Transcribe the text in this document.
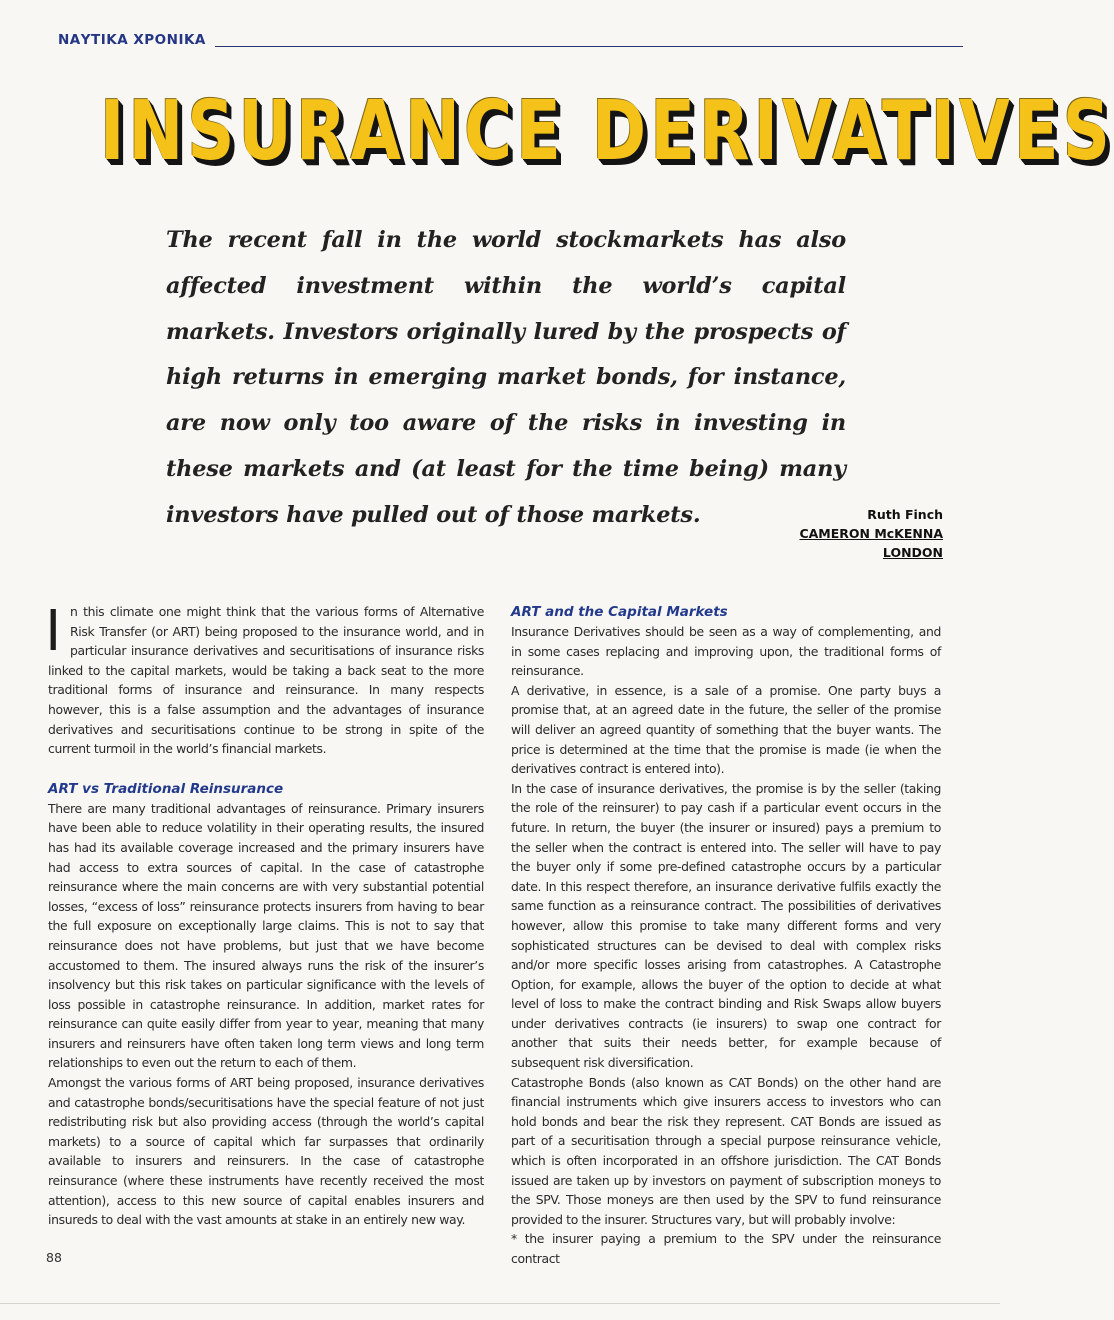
ΝΑΥΤΙΚΑ ΧΡΟΝΙΚΑ
INSURANCE DERIVATIVES
The recent fall in the world stockmarkets has also affected investment within the world’s capital markets. Investors originally lured by the prospects of high returns in emerging market bonds, for instance, are now only too aware of the risks in investing in these markets and (at least for the time being) many investors have pulled out of those markets.	Ruth Finch
CAMERON McKENNA
LONDON

In this climate one might think that the various forms of Alternative Risk Transfer (or ART) being proposed to the insurance world, and in particular insurance derivatives and securitisations of insurance risks linked to the capital markets, would be taking a back seat to the more traditional forms of insurance and reinsurance. In many respects however, this is a false assumption and the advantages of insurance derivatives and securitisations continue to be strong in spite of the current turmoil in the world’s financial markets.

ART vs Traditional Reinsurance

There are many traditional advantages of reinsurance. Primary insurers have been able to reduce volatility in their operating results, the insured has had its available coverage increased and the primary insurers have had access to extra sources of capital. In the case of catastrophe reinsurance where the main concerns are with very substantial potential losses, “excess of loss” reinsurance protects insurers from having to bear the full exposure on exceptionally large claims. This is not to say that reinsurance does not have problems, but just that we have become accustomed to them. The insured always runs the risk of the insurer’s insolvency but this risk takes on particular significance with the levels of loss possible in catastrophe reinsurance. In addition, market rates for reinsurance can quite easily differ from year to year, meaning that many insurers and reinsurers have often taken long term views and long term relationships to even out the return to each of them.

Amongst the various forms of ART being proposed, insurance derivatives and catastrophe bonds/securitisations have the special feature of not just redistributing risk but also providing access (through the world’s capital markets) to a source of capital which far surpasses that ordinarily available to insurers and reinsurers. In the case of catastrophe reinsurance (where these instruments have recently received the most attention), access to this new source of capital enables insurers and insureds to deal with the vast amounts at stake in an entirely new way.

ART and the Capital Markets

Insurance Derivatives should be seen as a way of complementing, and in some cases replacing and improving upon, the traditional forms of reinsurance.

A derivative, in essence, is a sale of a promise. One party buys a promise that, at an agreed date in the future, the seller of the promise will deliver an agreed quantity of something that the buyer wants. The price is determined at the time that the promise is made (ie when the derivatives contract is entered into).

In the case of insurance derivatives, the promise is by the seller (taking the role of the reinsurer) to pay cash if a particular event occurs in the future. In return, the buyer (the insurer or insured) pays a premium to the seller when the contract is entered into. The seller will have to pay the buyer only if some pre-defined catastrophe occurs by a particular date. In this respect therefore, an insurance derivative fulfils exactly the same function as a reinsurance contract. The possibilities of derivatives however, allow this promise to take many different forms and very sophisticated structures can be devised to deal with complex risks and/or more specific losses arising from catastrophes. A Catastrophe Option, for example, allows the buyer of the option to decide at what level of loss to make the contract binding and Risk Swaps allow buyers under derivatives contracts (ie insurers) to swap one contract for another that suits their needs better, for example because of subsequent risk diversification.

Catastrophe Bonds (also known as CAT Bonds) on the other hand are financial instruments which give insurers access to investors who can hold bonds and bear the risk they represent. CAT Bonds are issued as part of a securitisation through a special purpose reinsurance vehicle, which is often incorporated in an offshore jurisdiction. The CAT Bonds issued are taken up by investors on payment of subscription moneys to the SPV. Those moneys are then used by the SPV to fund reinsurance provided to the insurer. Structures vary, but will probably involve:

* the insurer paying a premium to the SPV under the reinsurance contract

88
